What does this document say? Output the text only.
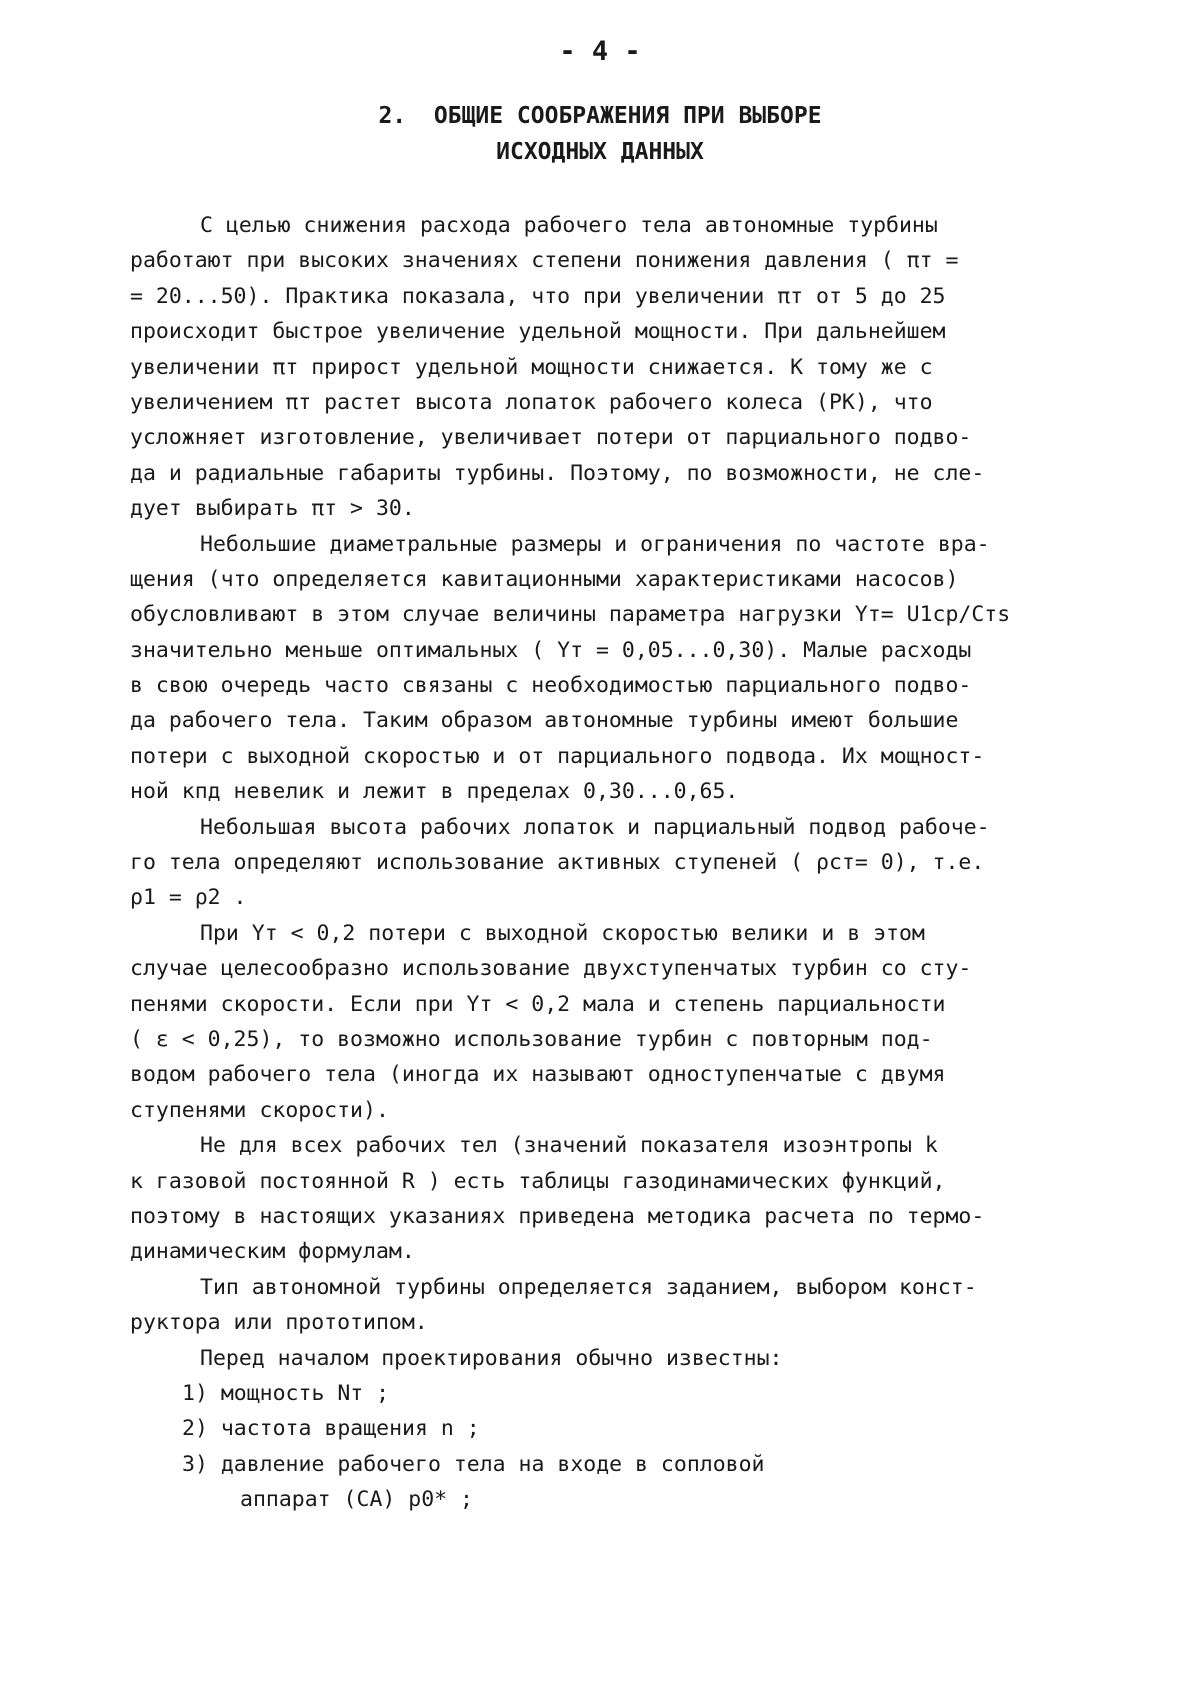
- 4 -
2.  ОБЩИЕ СООБРАЖЕНИЯ ПРИ ВЫБОРЕ
ИСХОДНЫХ ДАННЫХ
С целью снижения расхода рабочего тела автономные турбины
работают при высоких значениях степени понижения давления ( πт =
= 20...50). Практика показала, что при увеличении πт от 5 до 25
происходит быстрое увеличение удельной мощности. При дальнейшем
увеличении πт прирост удельной мощности снижается. К тому же с
увеличением πт растет высота лопаток рабочего колеса (РК), что
усложняет изготовление, увеличивает потери от парциального подво-
да и радиальные габариты турбины. Поэтому, по возможности, не сле-
дует выбирать πт > 30.
Небольшие диаметральные размеры и ограничения по частоте вра-
щения (что определяется кавитационными характеристиками насосов)
обусловливают в этом случае величины параметра нагрузки Yт= U1ср/Cтs
значительно меньше оптимальных ( Yт = 0,05...0,30). Малые расходы
в свою очередь часто связаны с необходимостью парциального подво-
да рабочего тела. Таким образом автономные турбины имеют большие
потери с выходной скоростью и от парциального подвода. Их мощност-
ной кпд невелик и лежит в пределах 0,30...0,65.
Небольшая высота рабочих лопаток и парциальный подвод рабоче-
го тела определяют использование активных ступеней ( ρст= 0), т.е.
ρ1 = ρ2 .
При Yт < 0,2 потери с выходной скоростью велики и в этом
случае целесообразно использование двухступенчатых турбин со сту-
пенями скорости. Если при Yт < 0,2 мала и степень парциальности
( ε < 0,25), то возможно использование турбин с повторным под-
водом рабочего тела (иногда их называют одноступенчатые с двумя
ступенями скорости).
Не для всех рабочих тел (значений показателя изоэнтропы k
к газовой постоянной R ) есть таблицы газодинамических функций,
поэтому в настоящих указаниях приведена методика расчета по термо-
динамическим формулам.
Тип автономной турбины определяется заданием, выбором конст-
руктора или прототипом.
Перед началом проектирования обычно известны:
1) мощность Nт ;
2) частота вращения n ;
3) давление рабочего тела на входе в сопловой
аппарат (СА) p0* ;
